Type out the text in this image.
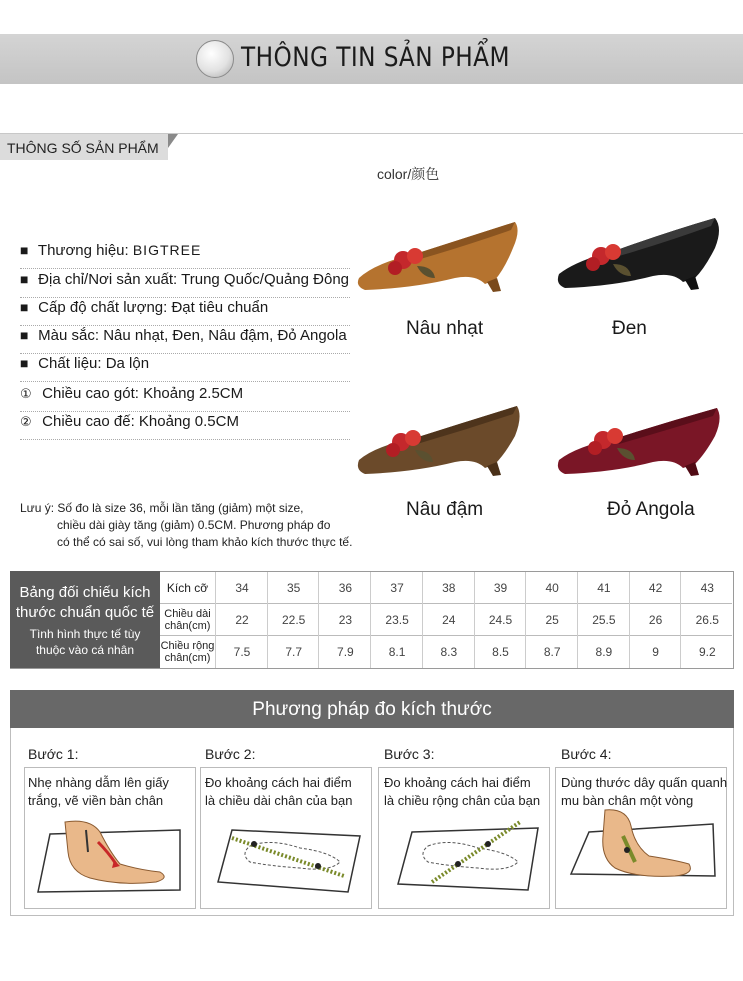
THÔNG TIN SẢN PHẨM
THÔNG SỐ SẢN PHẨM
color/颜色
■ Thương hiệu: BIGTREE
■ Địa chỉ/Nơi sản xuất: Trung Quốc/Quảng Đông
■ Cấp độ chất lượng: Đạt tiêu chuẩn
■ Màu sắc: Nâu nhạt, Đen, Nâu đậm, Đỏ Angola
■ Chất liệu: Da lộn
① Chiều cao gót: Khoảng 2.5CM
② Chiều cao đế: Khoảng 0.5CM
Nâu nhạt	Đen
Nâu đậm	Đỏ Angola
Lưu ý: Số đo là size 36, mỗi lần tăng (giảm) một size,
chiều dài giày tăng (giảm) 0.5CM. Phương pháp đo
có thể có sai số, vui lòng tham khảo kích thước thực tế.
Bảng đối chiếu kích
thước chuẩn quốc tế
Tình hình thực tế tùy
thuộc vào cá nhân
Kích cỡ
Chiều dài chân(cm)
Chiều rộng chân(cm)
34	35	36	37	38	39	40	41	42	43
22	22.5	23	23.5	24	24.5	25	25.5	26	26.5
7.5	7.7	7.9	8.1	8.3	8.5	8.7	8.9	9	9.2
Phương pháp đo kích thước
Bước 1:	Bước 2:	Bước 3:	Bước 4:
Nhẹ nhàng dẫm lên giấy
trắng, vẽ viền bàn chân
Đo khoảng cách hai điểm
là chiều dài chân của bạn
Đo khoảng cách hai điểm
là chiều rộng chân của bạn
Dùng thước dây quấn quanh
mu bàn chân một vòng
